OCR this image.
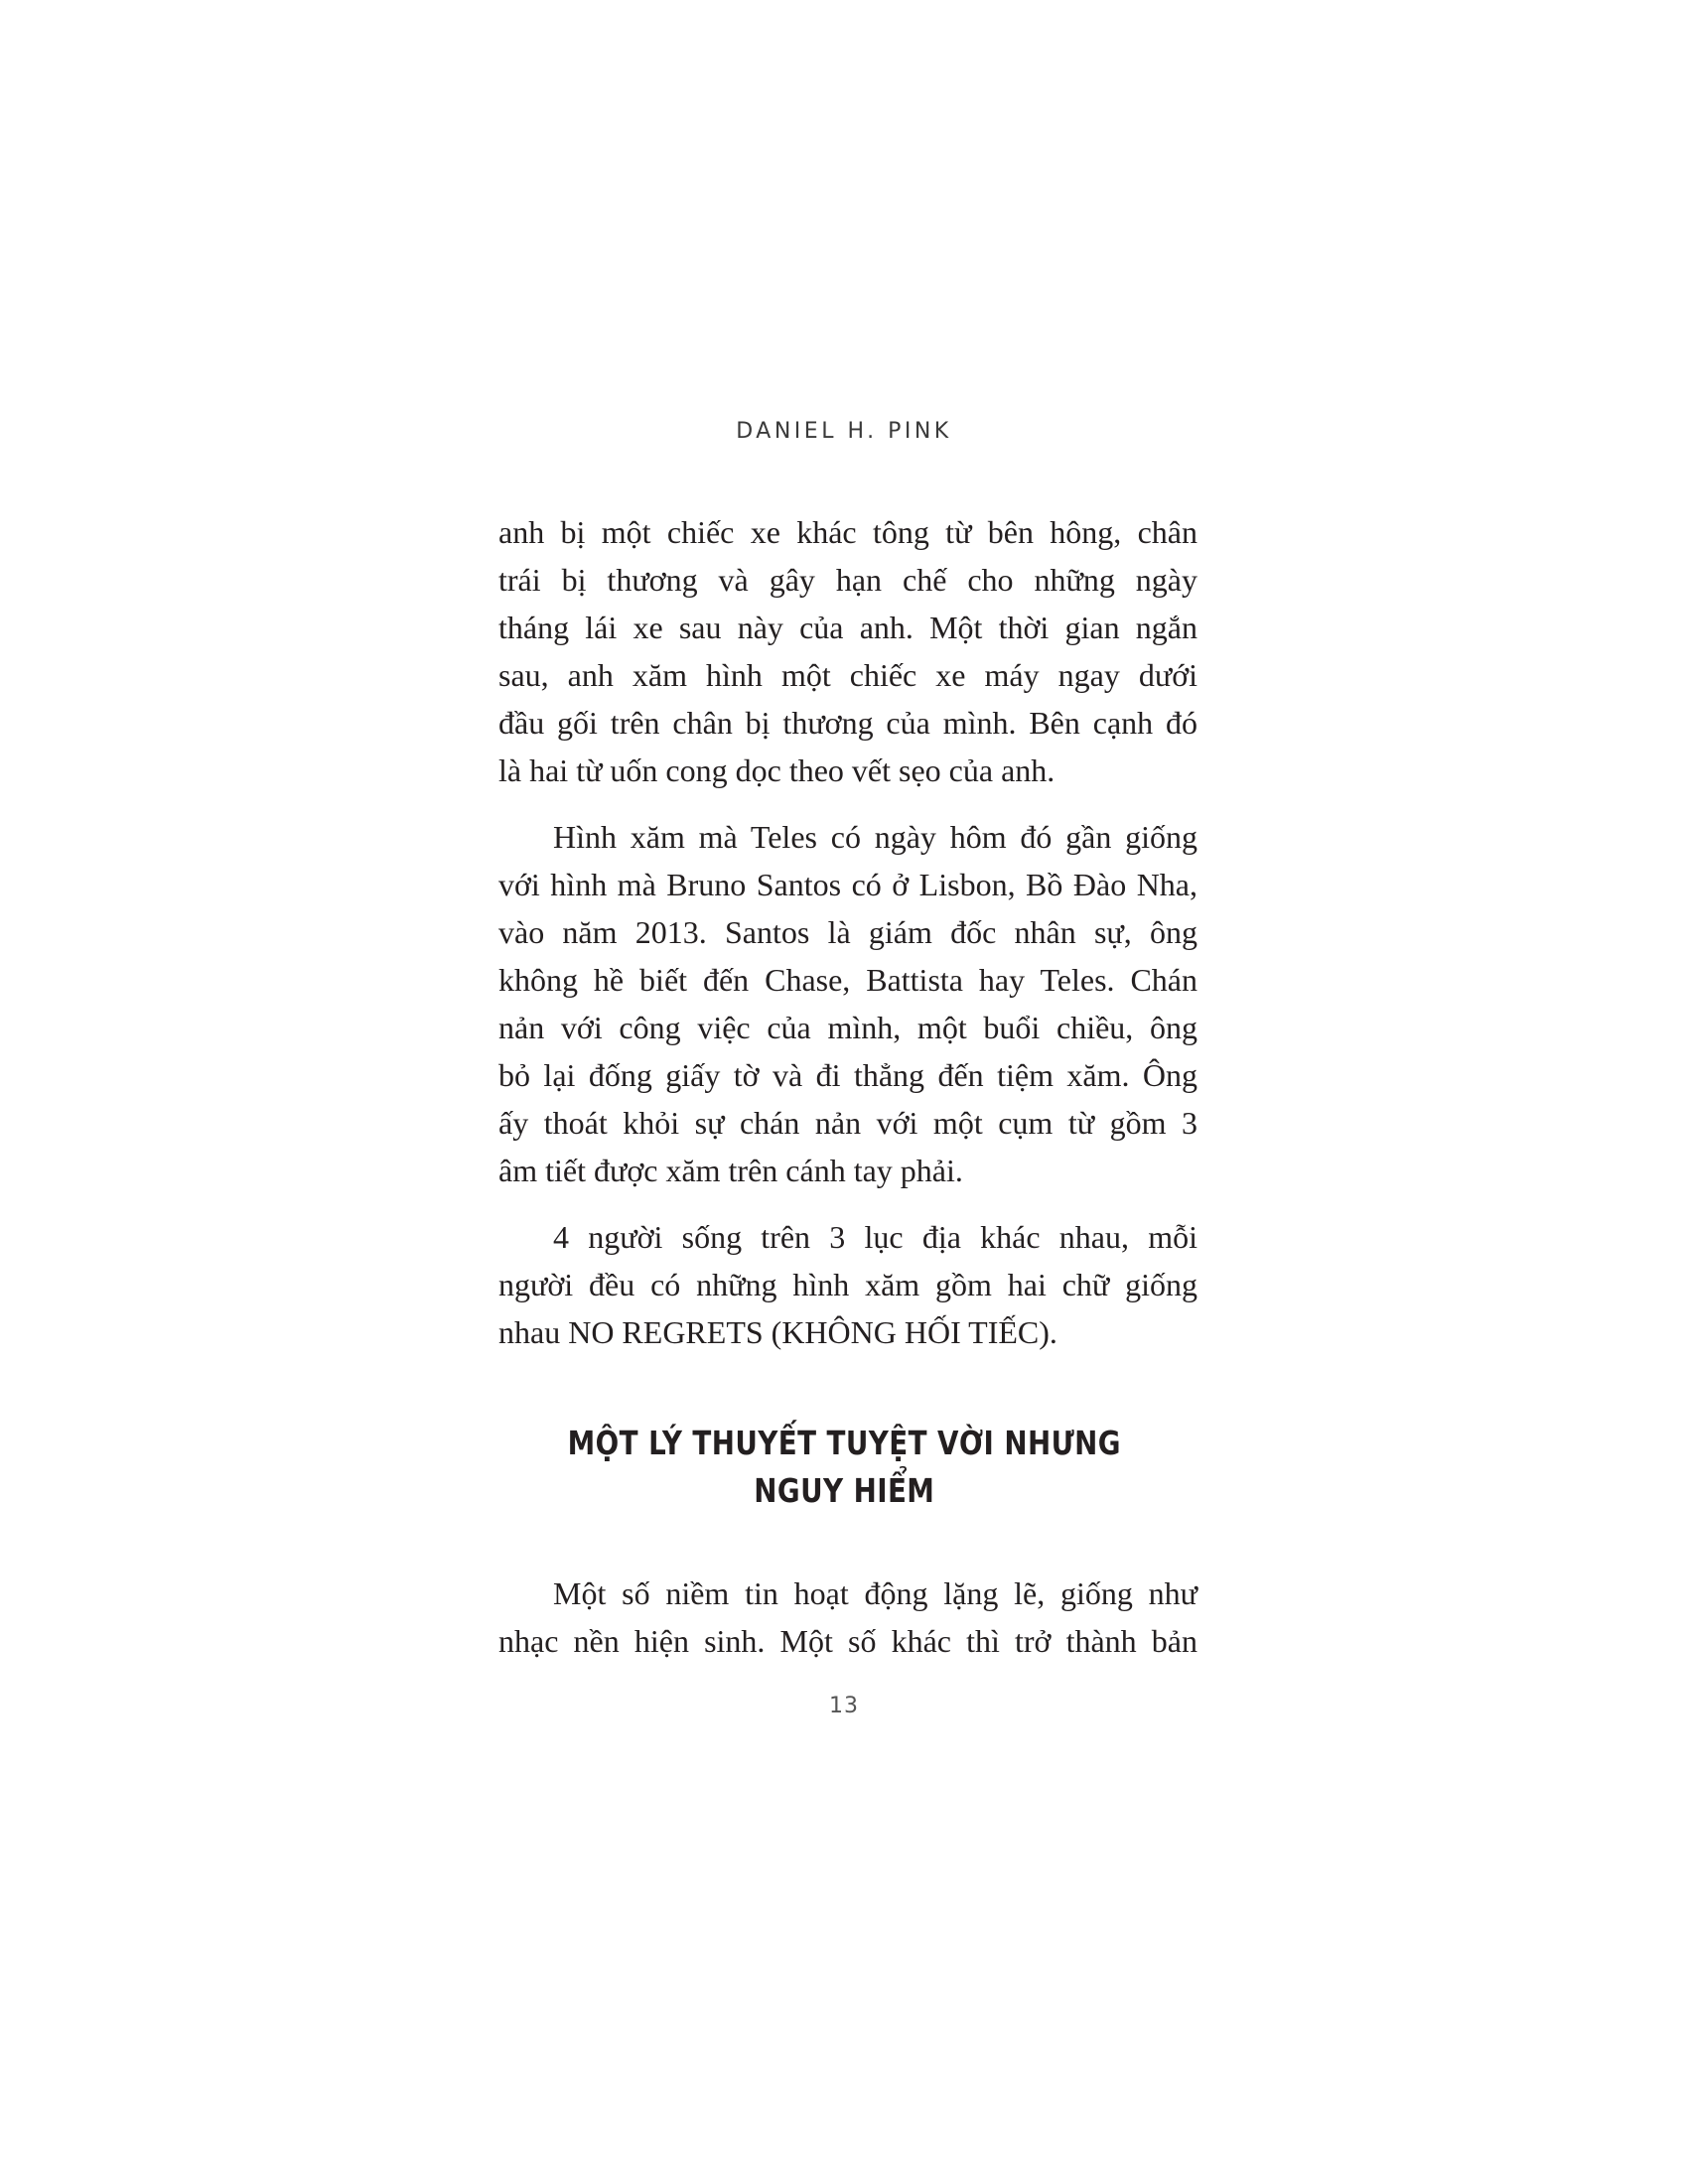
DANIEL H. PINK
anh bị một chiếc xe khác tông từ bên hông, chân
trái bị thương và gây hạn chế cho những ngày
tháng lái xe sau này của anh. Một thời gian ngắn
sau, anh xăm hình một chiếc xe máy ngay dưới
đầu gối trên chân bị thương của mình. Bên cạnh đó
là hai từ uốn cong dọc theo vết sẹo của anh.
Hình xăm mà Teles có ngày hôm đó gần giống
với hình mà Bruno Santos có ở Lisbon, Bồ Đào Nha,
vào năm 2013. Santos là giám đốc nhân sự, ông
không hề biết đến Chase, Battista hay Teles. Chán
nản với công việc của mình, một buổi chiều, ông
bỏ lại đống giấy tờ và đi thẳng đến tiệm xăm. Ông
ấy thoát khỏi sự chán nản với một cụm từ gồm 3
âm tiết được xăm trên cánh tay phải.
4 người sống trên 3 lục địa khác nhau, mỗi
người đều có những hình xăm gồm hai chữ giống
nhau NO REGRETS (KHÔNG HỐI TIẾC).
MỘT LÝ THUYẾT TUYỆT VỜI NHƯNG
NGUY HIỂM
Một số niềm tin hoạt động lặng lẽ, giống như
nhạc nền hiện sinh. Một số khác thì trở thành bản
13
